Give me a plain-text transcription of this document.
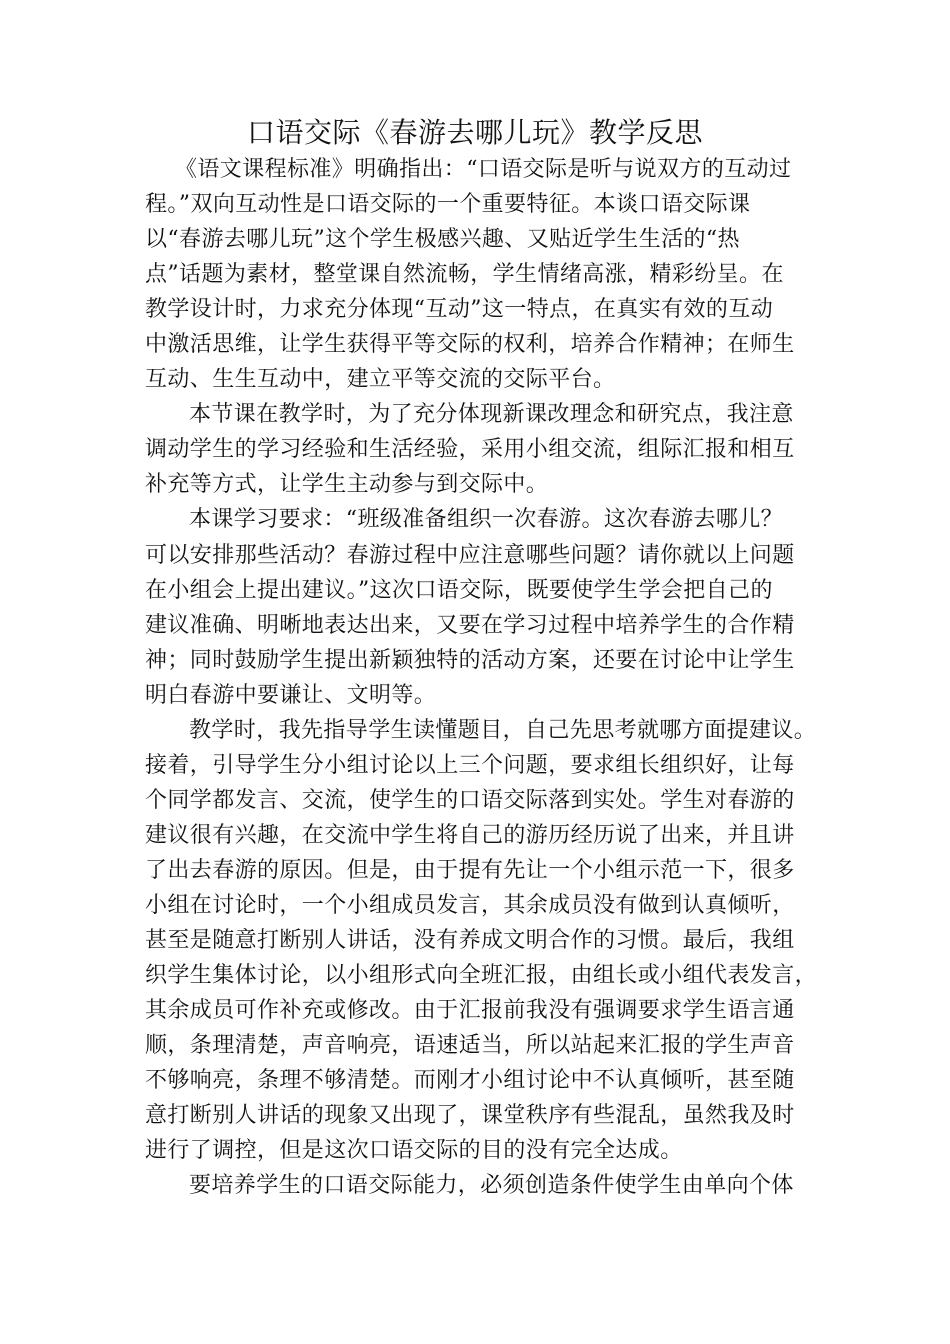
口语交际《春游去哪儿玩》教学反思
《语文课程标准》明确指出：“口语交际是听与说双方的互动过
程。”双向互动性是口语交际的一个重要特征。本谈口语交际课
以“春游去哪儿玩”这个学生极感兴趣、又贴近学生生活的“热
点”话题为素材，整堂课自然流畅，学生情绪高涨，精彩纷呈。在
教学设计时，力求充分体现“互动”这一特点，在真实有效的互动
中激活思维，让学生获得平等交际的权利，培养合作精神；在师生
互动、生生互动中，建立平等交流的交际平台。
本节课在教学时，为了充分体现新课改理念和研究点，我注意
调动学生的学习经验和生活经验，采用小组交流，组际汇报和相互
补充等方式，让学生主动参与到交际中。
本课学习要求：“班级准备组织一次春游。这次春游去哪儿？
可以安排那些活动？春游过程中应注意哪些问题？请你就以上问题
在小组会上提出建议。”这次口语交际，既要使学生学会把自己的
建议准确、明晰地表达出来，又要在学习过程中培养学生的合作精
神；同时鼓励学生提出新颖独特的活动方案，还要在讨论中让学生
明白春游中要谦让、文明等。
教学时，我先指导学生读懂题目，自己先思考就哪方面提建议。
接着，引导学生分小组讨论以上三个问题，要求组长组织好，让每
个同学都发言、交流，使学生的口语交际落到实处。学生对春游的
建议很有兴趣，在交流中学生将自己的游历经历说了出来，并且讲
了出去春游的原因。但是，由于提有先让一个小组示范一下，很多
小组在讨论时，一个小组成员发言，其余成员没有做到认真倾听，
甚至是随意打断别人讲话，没有养成文明合作的习惯。最后，我组
织学生集体讨论，以小组形式向全班汇报，由组长或小组代表发言，
其余成员可作补充或修改。由于汇报前我没有强调要求学生语言通
顺，条理清楚，声音响亮，语速适当，所以站起来汇报的学生声音
不够响亮，条理不够清楚。而刚才小组讨论中不认真倾听，甚至随
意打断别人讲话的现象又出现了，课堂秩序有些混乱，虽然我及时
进行了调控，但是这次口语交际的目的没有完全达成。
要培养学生的口语交际能力，必须创造条件使学生由单向个体
